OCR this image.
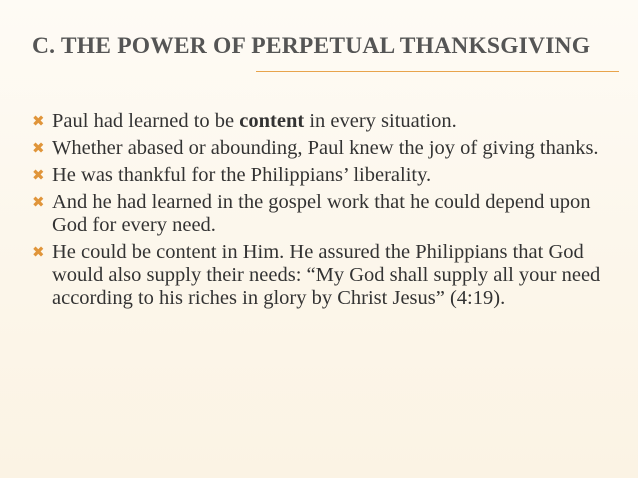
C. THE POWER OF PERPETUAL THANKSGIVING
✖ Paul had learned to be content in every situation.
✖ Whether abased or abounding, Paul knew the joy of giving thanks.
✖ He was thankful for the Philippians’ liberality.
✖ And he had learned in the gospel work that he could depend upon God for every need.
✖ He could be content in Him. He assured the Philippians that God would also supply their needs: “My God shall supply all your need according to his riches in glory by Christ Jesus” (4:19).
